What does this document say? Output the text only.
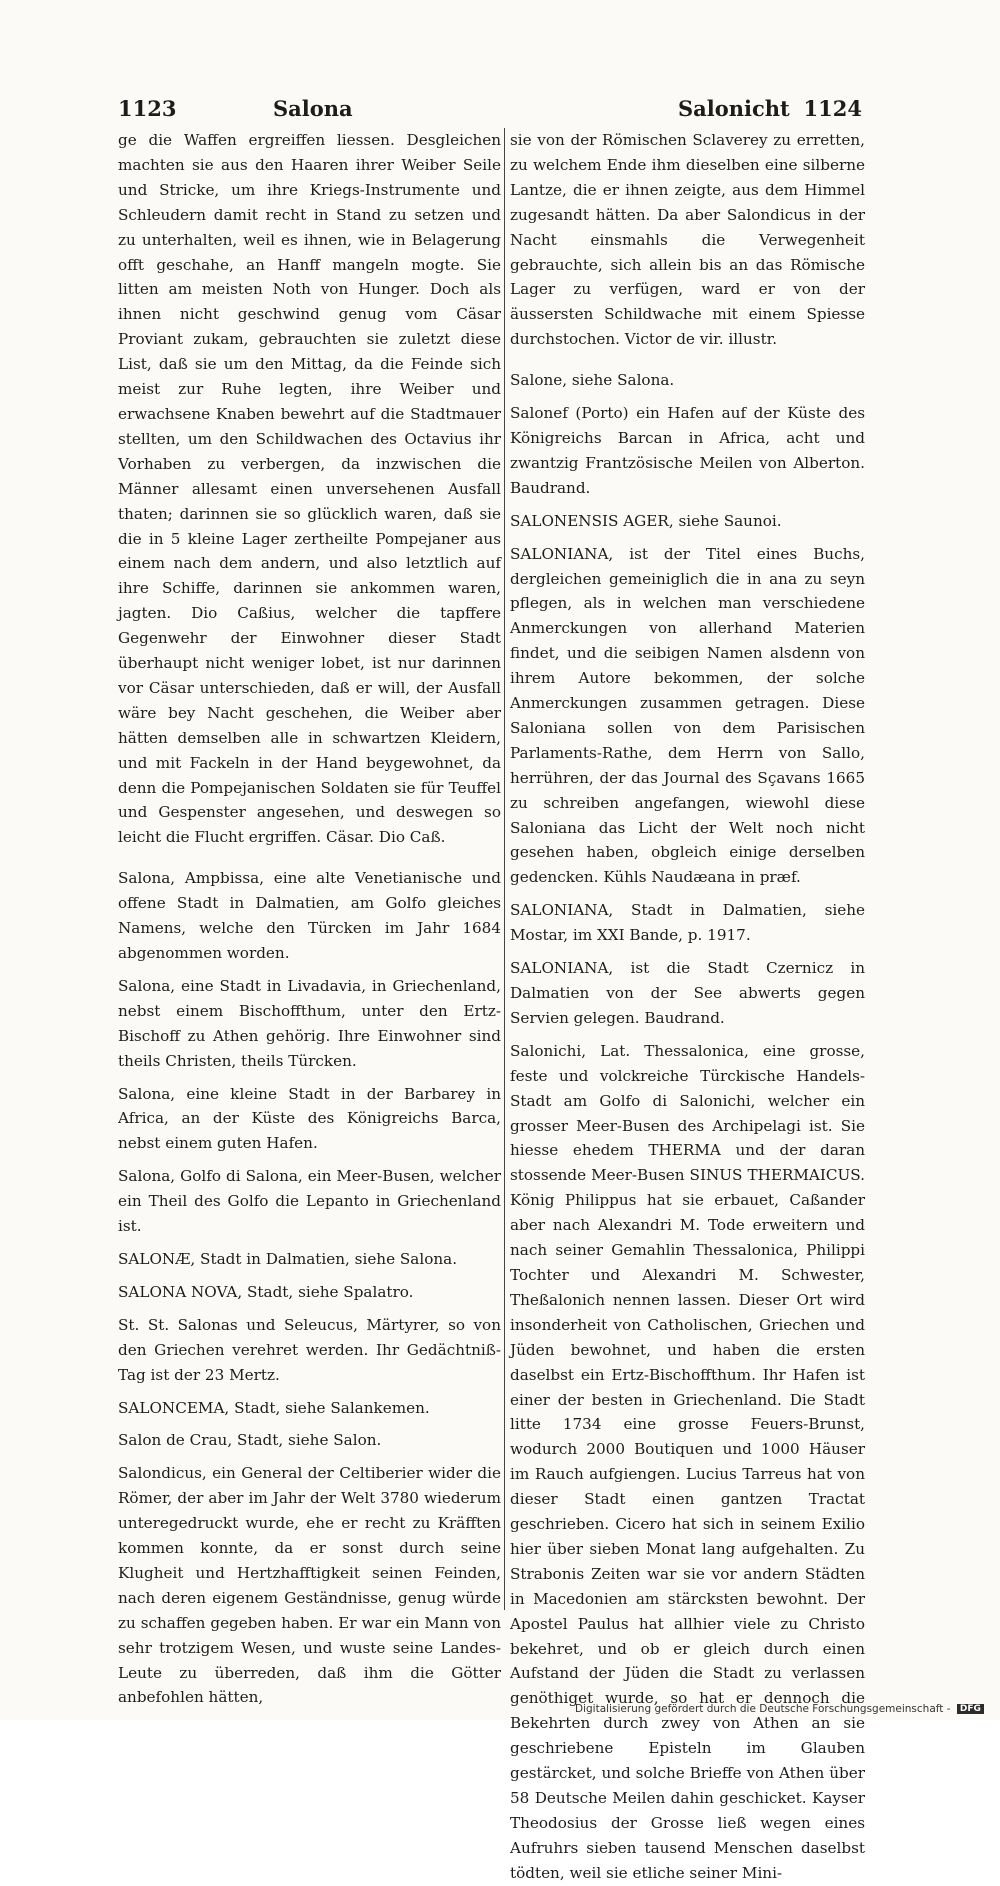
1123	Salona	Salonicht 1124

ge die Waffen ergreiffen liessen. Desgleichen machten sie aus den Haaren ihrer Weiber Seile und Stricke, um ihre Kriegs-Instrumente und Schleudern damit recht in Stand zu setzen und zu unterhalten, weil es ihnen, wie in Belagerung offt geschahe, an Hanff mangeln mogte. Sie litten am meisten Noth von Hunger. Doch als ihnen nicht geschwind genug vom Cäsar Proviant zukam, gebrauchten sie zuletzt diese List, daß sie um den Mittag, da die Feinde sich meist zur Ruhe legten, ihre Weiber und erwachsene Knaben bewehrt auf die Stadtmauer stellten, um den Schildwachen des Octavius ihr Vorhaben zu verbergen, da inzwischen die Männer allesamt einen unversehenen Ausfall thaten; darinnen sie so glücklich waren, daß sie die in 5 kleine Lager zertheilte Pompejaner aus einem nach dem andern, und also letztlich auf ihre Schiffe, darinnen sie ankommen waren, jagten. Dio Caßius, welcher die tapffere Gegenwehr der Einwohner dieser Stadt überhaupt nicht weniger lobet, ist nur darinnen vor Cäsar unterschieden, daß er will, der Ausfall wäre bey Nacht geschehen, die Weiber aber hätten demselben alle in schwartzen Kleidern, und mit Fackeln in der Hand beygewohnet, da denn die Pompejanischen Soldaten sie für Teuffel und Gespenster angesehen, und deswegen so leicht die Flucht ergriffen. Cäsar. Dio Caß.

Salona, Ampbissa, eine alte Venetianische und offene Stadt in Dalmatien, am Golfo gleiches Namens, welche den Türcken im Jahr 1684 abgenommen worden.

Salona, eine Stadt in Livadavia, in Griechenland, nebst einem Bischoffthum, unter den Ertz-Bischoff zu Athen gehörig. Ihre Einwohner sind theils Christen, theils Türcken.

Salona, eine kleine Stadt in der Barbarey in Africa, an der Küste des Königreichs Barca, nebst einem guten Hafen.

Salona, Golfo di Salona, ein Meer-Busen, welcher ein Theil des Golfo die Lepanto in Griechenland ist.

SALONÆ, Stadt in Dalmatien, siehe Salona.

SALONA NOVA, Stadt, siehe Spalatro.

St. St. Salonas und Seleucus, Märtyrer, so von den Griechen verehret werden. Ihr Gedächtniß-Tag ist der 23 Mertz.

SALONCEMA, Stadt, siehe Salankemen.

Salon de Crau, Stadt, siehe Salon.

Salondicus, ein General der Celtiberier wider die Römer, der aber im Jahr der Welt 3780 wiederum unteregedruckt wurde, ehe er recht zu Kräfften kommen konnte, da er sonst durch seine Klugheit und Hertzhafftigkeit seinen Feinden, nach deren eigenem Geständnisse, genug würde zu schaffen gegeben haben. Er war ein Mann von sehr trotzigem Wesen, und wuste seine Landes-Leute zu überreden, daß ihm die Götter anbefohlen hätten,

sie von der Römischen Sclaverey zu erretten, zu welchem Ende ihm dieselben eine silberne Lantze, die er ihnen zeigte, aus dem Himmel zugesandt hätten. Da aber Salondicus in der Nacht einsmahls die Verwegenheit gebrauchte, sich allein bis an das Römische Lager zu verfügen, ward er von der äussersten Schildwache mit einem Spiesse durchstochen. Victor de vir. illustr.

Salone, siehe Salona.

Salonef (Porto) ein Hafen auf der Küste des Königreichs Barcan in Africa, acht und zwantzig Frantzösische Meilen von Alberton. Baudrand.

SALONENSIS AGER, siehe Saunoi.

SALONIANA, ist der Titel eines Buchs, dergleichen gemeiniglich die in ana zu seyn pflegen, als in welchen man verschiedene Anmerckungen von allerhand Materien findet, und die seibigen Namen alsdenn von ihrem Autore bekommen, der solche Anmerckungen zusammen getragen. Diese Saloniana sollen von dem Parisischen Parlaments-Rathe, dem Herrn von Sallo, herrühren, der das Journal des Sçavans 1665 zu schreiben angefangen, wiewohl diese Saloniana das Licht der Welt noch nicht gesehen haben, obgleich einige derselben gedencken. Kühls Naudæana in præf.

SALONIANA, Stadt in Dalmatien, siehe Mostar, im XXI Bande, p. 1917.

SALONIANA, ist die Stadt Czernicz in Dalmatien von der See abwerts gegen Servien gelegen. Baudrand.

Salonichi, Lat. Thessalonica, eine grosse, feste und volckreiche Türckische Handels-Stadt am Golfo di Salonichi, welcher ein grosser Meer-Busen des Archipelagi ist. Sie hiesse ehedem THERMA und der daran stossende Meer-Busen SINUS THERMAICUS. König Philippus hat sie erbauet, Caßander aber nach Alexandri M. Tode erweitern und nach seiner Gemahlin Thessalonica, Philippi Tochter und Alexandri M. Schwester, Theßalonich nennen lassen. Dieser Ort wird insonderheit von Catholischen, Griechen und Jüden bewohnet, und haben die ersten daselbst ein Ertz-Bischoffthum. Ihr Hafen ist einer der besten in Griechenland. Die Stadt litte 1734 eine grosse Feuers-Brunst, wodurch 2000 Boutiquen und 1000 Häuser im Rauch aufgiengen. Lucius Tarreus hat von dieser Stadt einen gantzen Tractat geschrieben. Cicero hat sich in seinem Exilio hier über sieben Monat lang aufgehalten. Zu Strabonis Zeiten war sie vor andern Städten in Macedonien am stärcksten bewohnt. Der Apostel Paulus hat allhier viele zu Christo bekehret, und ob er gleich durch einen Aufstand der Jüden die Stadt zu verlassen genöthiget wurde, so hat er dennoch die Bekehrten durch zwey von Athen an sie geschriebene Episteln im Glauben gestärcket, und solche Brieffe von Athen über 58 Deutsche Meilen dahin geschicket. Kayser Theodosius der Grosse ließ wegen eines Aufruhrs sieben tausend Menschen daselbst tödten, weil sie etliche seiner Mini-

Digitalisierung gefördert durch die Deutsche Forschungsgemeinschaft - DFG
